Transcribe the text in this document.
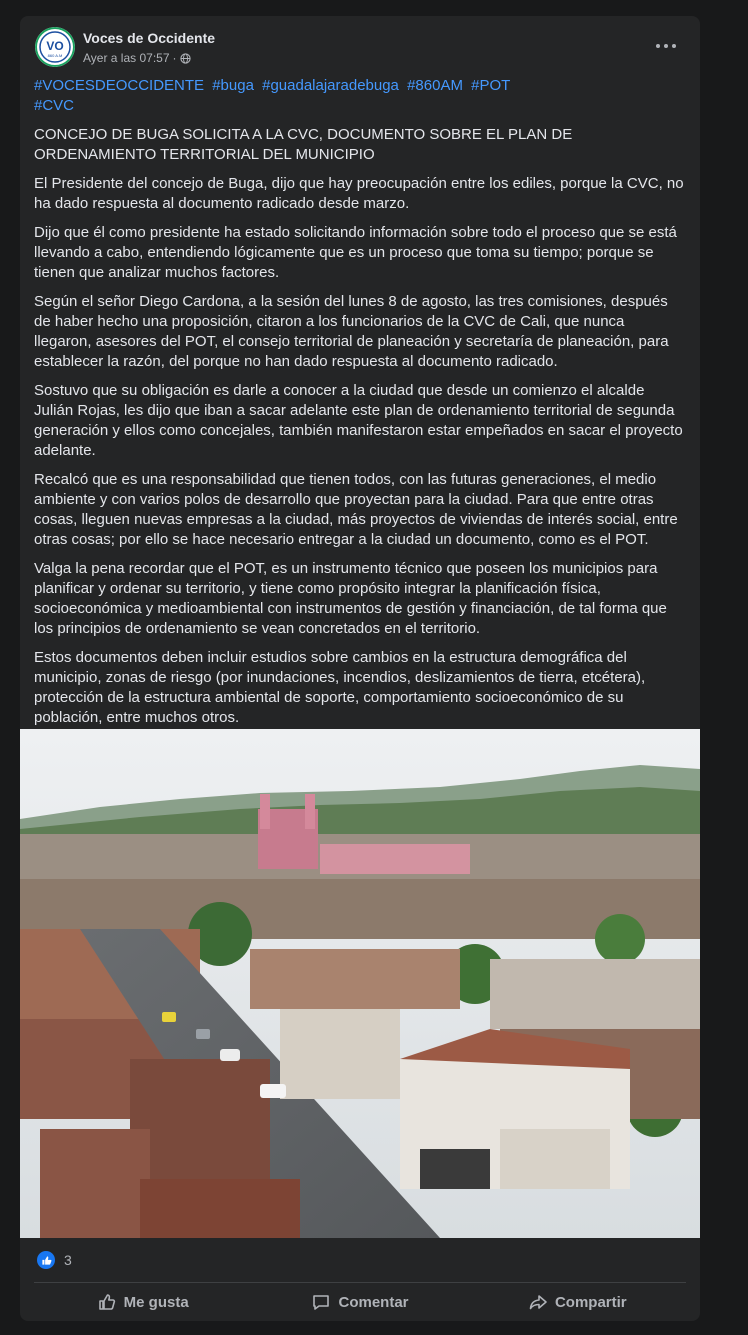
VO
860 A.M
Voces de Occidente
Ayer a las 07:57 ·

#VOCESDEOCCIDENTE #buga #guadalajaradebuga #860AM #POT
#CVC

CONCEJO DE BUGA SOLICITA A LA CVC, DOCUMENTO SOBRE EL PLAN DE ORDENAMIENTO TERRITORIAL DEL MUNICIPIO

El Presidente del concejo de Buga, dijo que hay preocupación entre los ediles, porque la CVC, no ha dado respuesta al documento radicado desde marzo.

Dijo que él como presidente ha estado solicitando información sobre todo el proceso que se está llevando a cabo, entendiendo lógicamente que es un proceso que toma su tiempo; porque se tienen que analizar muchos factores.

Según el señor Diego Cardona, a la sesión del lunes 8 de agosto, las tres comisiones, después de haber hecho una proposición, citaron a los funcionarios de la CVC de Cali, que nunca llegaron, asesores del POT, el consejo territorial de planeación y secretaría de planeación, para establecer la razón, del porque no han dado respuesta al documento radicado.

Sostuvo que su obligación es darle a conocer a la ciudad que desde un comienzo el alcalde Julián Rojas, les dijo que iban a sacar adelante este plan de ordenamiento territorial de segunda generación y ellos como concejales, también manifestaron estar empeñados en sacar el proyecto adelante.

Recalcó que es una responsabilidad que tienen todos, con las futuras generaciones, el medio ambiente y con varios polos de desarrollo que proyectan para la ciudad. Para que entre otras cosas, lleguen nuevas empresas a la ciudad, más proyectos de viviendas de interés social, entre otras cosas; por ello se hace necesario entregar a la ciudad un documento, como es el POT.

Valga la pena recordar que el POT, es un instrumento técnico que poseen los municipios para planificar y ordenar su territorio, y tiene como propósito integrar la planificación física, socioeconómica y medioambiental con instrumentos de gestión y financiación, de tal forma que los principios de ordenamiento se vean concretados en el territorio.

Estos documentos deben incluir estudios sobre cambios en la estructura demográfica del municipio, zonas de riesgo (por inundaciones, incendios, deslizamientos de tierra, etcétera), protección de la estructura ambiental de soporte, comportamiento socioeconómico de su población, entre muchos otros.

3
Me gusta	Comentar	Compartir
